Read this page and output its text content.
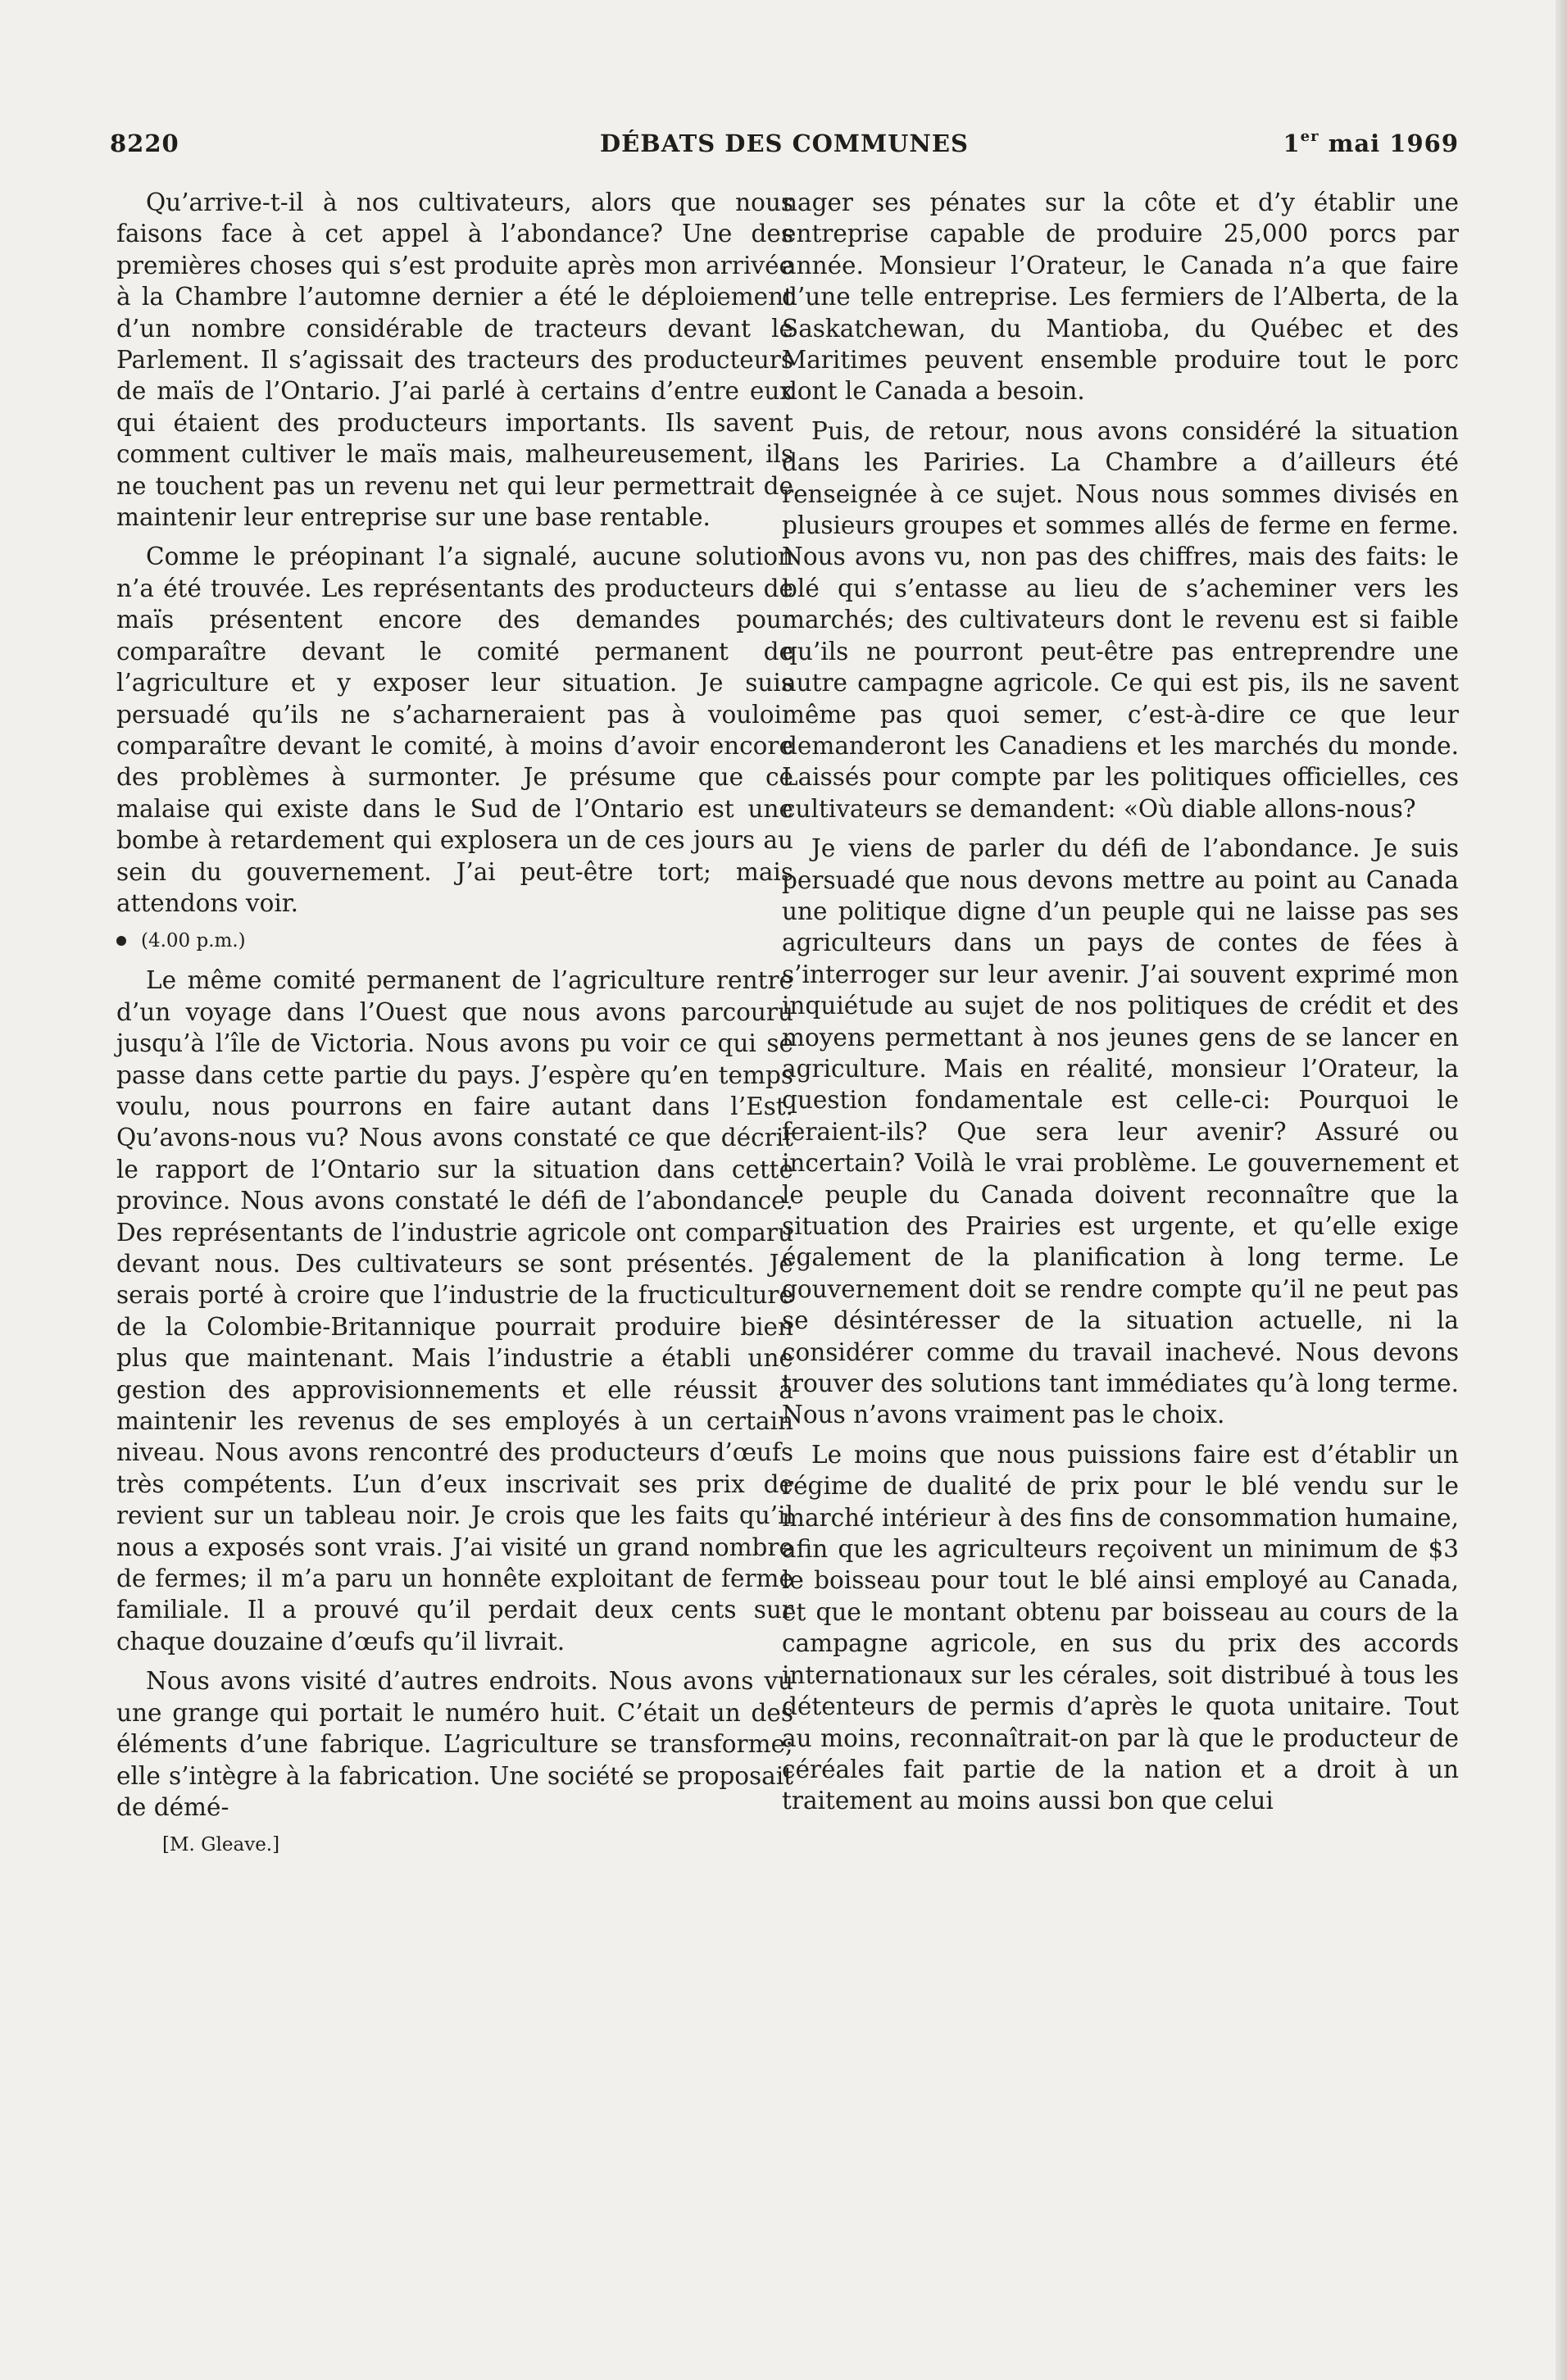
8220	DÉBATS DES COMMUNES	1er mai 1969

Qu’arrive-t-il à nos cultivateurs, alors que nous faisons face à cet appel à l’abondance? Une des premières choses qui s’est produite après mon arrivée à la Chambre l’automne dernier a été le déploiement d’un nombre considérable de tracteurs devant le Parlement. Il s’agissait des tracteurs des producteurs de maïs de l’Ontario. J’ai parlé à certains d’entre eux qui étaient des producteurs importants. Ils savent comment cultiver le maïs mais, malheureusement, ils ne touchent pas un revenu net qui leur permettrait de maintenir leur entreprise sur une base rentable.

Comme le préopinant l’a signalé, aucune solution n’a été trouvée. Les représentants des producteurs de maïs présentent encore des demandes pour comparaître devant le comité permanent de l’agriculture et y exposer leur situation. Je suis persuadé qu’ils ne s’acharneraient pas à vouloir comparaître devant le comité, à moins d’avoir encore des problèmes à surmonter. Je présume que ce malaise qui existe dans le Sud de l’Ontario est une bombe à retardement qui explosera un de ces jours au sein du gouvernement. J’ai peut-être tort; mais attendons voir.

(4.00 p.m.)

Le même comité permanent de l’agriculture rentre d’un voyage dans l’Ouest que nous avons parcouru jusqu’à l’île de Victoria. Nous avons pu voir ce qui se passe dans cette partie du pays. J’espère qu’en temps voulu, nous pourrons en faire autant dans l’Est. Qu’avons-nous vu? Nous avons constaté ce que décrit le rapport de l’Ontario sur la situation dans cette province. Nous avons constaté le défi de l’abondance. Des représentants de l’industrie agricole ont comparu devant nous. Des cultivateurs se sont présentés. Je serais porté à croire que l’industrie de la fructiculture de la Colombie-Britannique pourrait produire bien plus que maintenant. Mais l’industrie a établi une gestion des approvisionnements et elle réussit à maintenir les revenus de ses employés à un certain niveau. Nous avons rencontré des producteurs d’œufs très compétents. L’un d’eux inscrivait ses prix de revient sur un tableau noir. Je crois que les faits qu’il nous a exposés sont vrais. J’ai visité un grand nombre de fermes; il m’a paru un honnête exploitant de ferme familiale. Il a prouvé qu’il perdait deux cents sur chaque douzaine d’œufs qu’il livrait.

Nous avons visité d’autres endroits. Nous avons vu une grange qui portait le numéro huit. C’était un des éléments d’une fabrique. L’agriculture se transforme; elle s’intègre à la fabrication. Une société se proposait de démé-

[M. Gleave.]

nager ses pénates sur la côte et d’y établir une entreprise capable de produire 25,000 porcs par année. Monsieur l’Orateur, le Canada n’a que faire d’une telle entreprise. Les fermiers de l’Alberta, de la Saskatchewan, du Mantioba, du Québec et des Maritimes peuvent ensemble produire tout le porc dont le Canada a besoin.

Puis, de retour, nous avons considéré la situation dans les Pariries. La Chambre a d’ailleurs été renseignée à ce sujet. Nous nous sommes divisés en plusieurs groupes et sommes allés de ferme en ferme. Nous avons vu, non pas des chiffres, mais des faits: le blé qui s’entasse au lieu de s’acheminer vers les marchés; des cultivateurs dont le revenu est si faible qu’ils ne pourront peut-être pas entreprendre une autre campagne agricole. Ce qui est pis, ils ne savent même pas quoi semer, c’est-à-dire ce que leur demanderont les Canadiens et les marchés du monde. Laissés pour compte par les politiques officielles, ces cultivateurs se demandent: «Où diable allons-nous?

Je viens de parler du défi de l’abondance. Je suis persuadé que nous devons mettre au point au Canada une politique digne d’un peuple qui ne laisse pas ses agriculteurs dans un pays de contes de fées à s’interroger sur leur avenir. J’ai souvent exprimé mon inquiétude au sujet de nos politiques de crédit et des moyens permettant à nos jeunes gens de se lancer en agriculture. Mais en réalité, monsieur l’Orateur, la question fondamentale est celle-ci: Pourquoi le feraient-ils? Que sera leur avenir? Assuré ou incertain? Voilà le vrai problème. Le gouvernement et le peuple du Canada doivent reconnaître que la situation des Prairies est urgente, et qu’elle exige également de la planification à long terme. Le gouvernement doit se rendre compte qu’il ne peut pas se désintéresser de la situation actuelle, ni la considérer comme du travail inachevé. Nous devons trouver des solutions tant immédiates qu’à long terme. Nous n’avons vraiment pas le choix.

Le moins que nous puissions faire est d’établir un régime de dualité de prix pour le blé vendu sur le marché intérieur à des fins de consommation humaine, afin que les agriculteurs reçoivent un minimum de $3 le boisseau pour tout le blé ainsi employé au Canada, et que le montant obtenu par boisseau au cours de la campagne agricole, en sus du prix des accords internationaux sur les cérales, soit distribué à tous les détenteurs de permis d’après le quota unitaire. Tout au moins, reconnaîtrait-on par là que le producteur de céréales fait partie de la nation et a droit à un traitement au moins aussi bon que celui
